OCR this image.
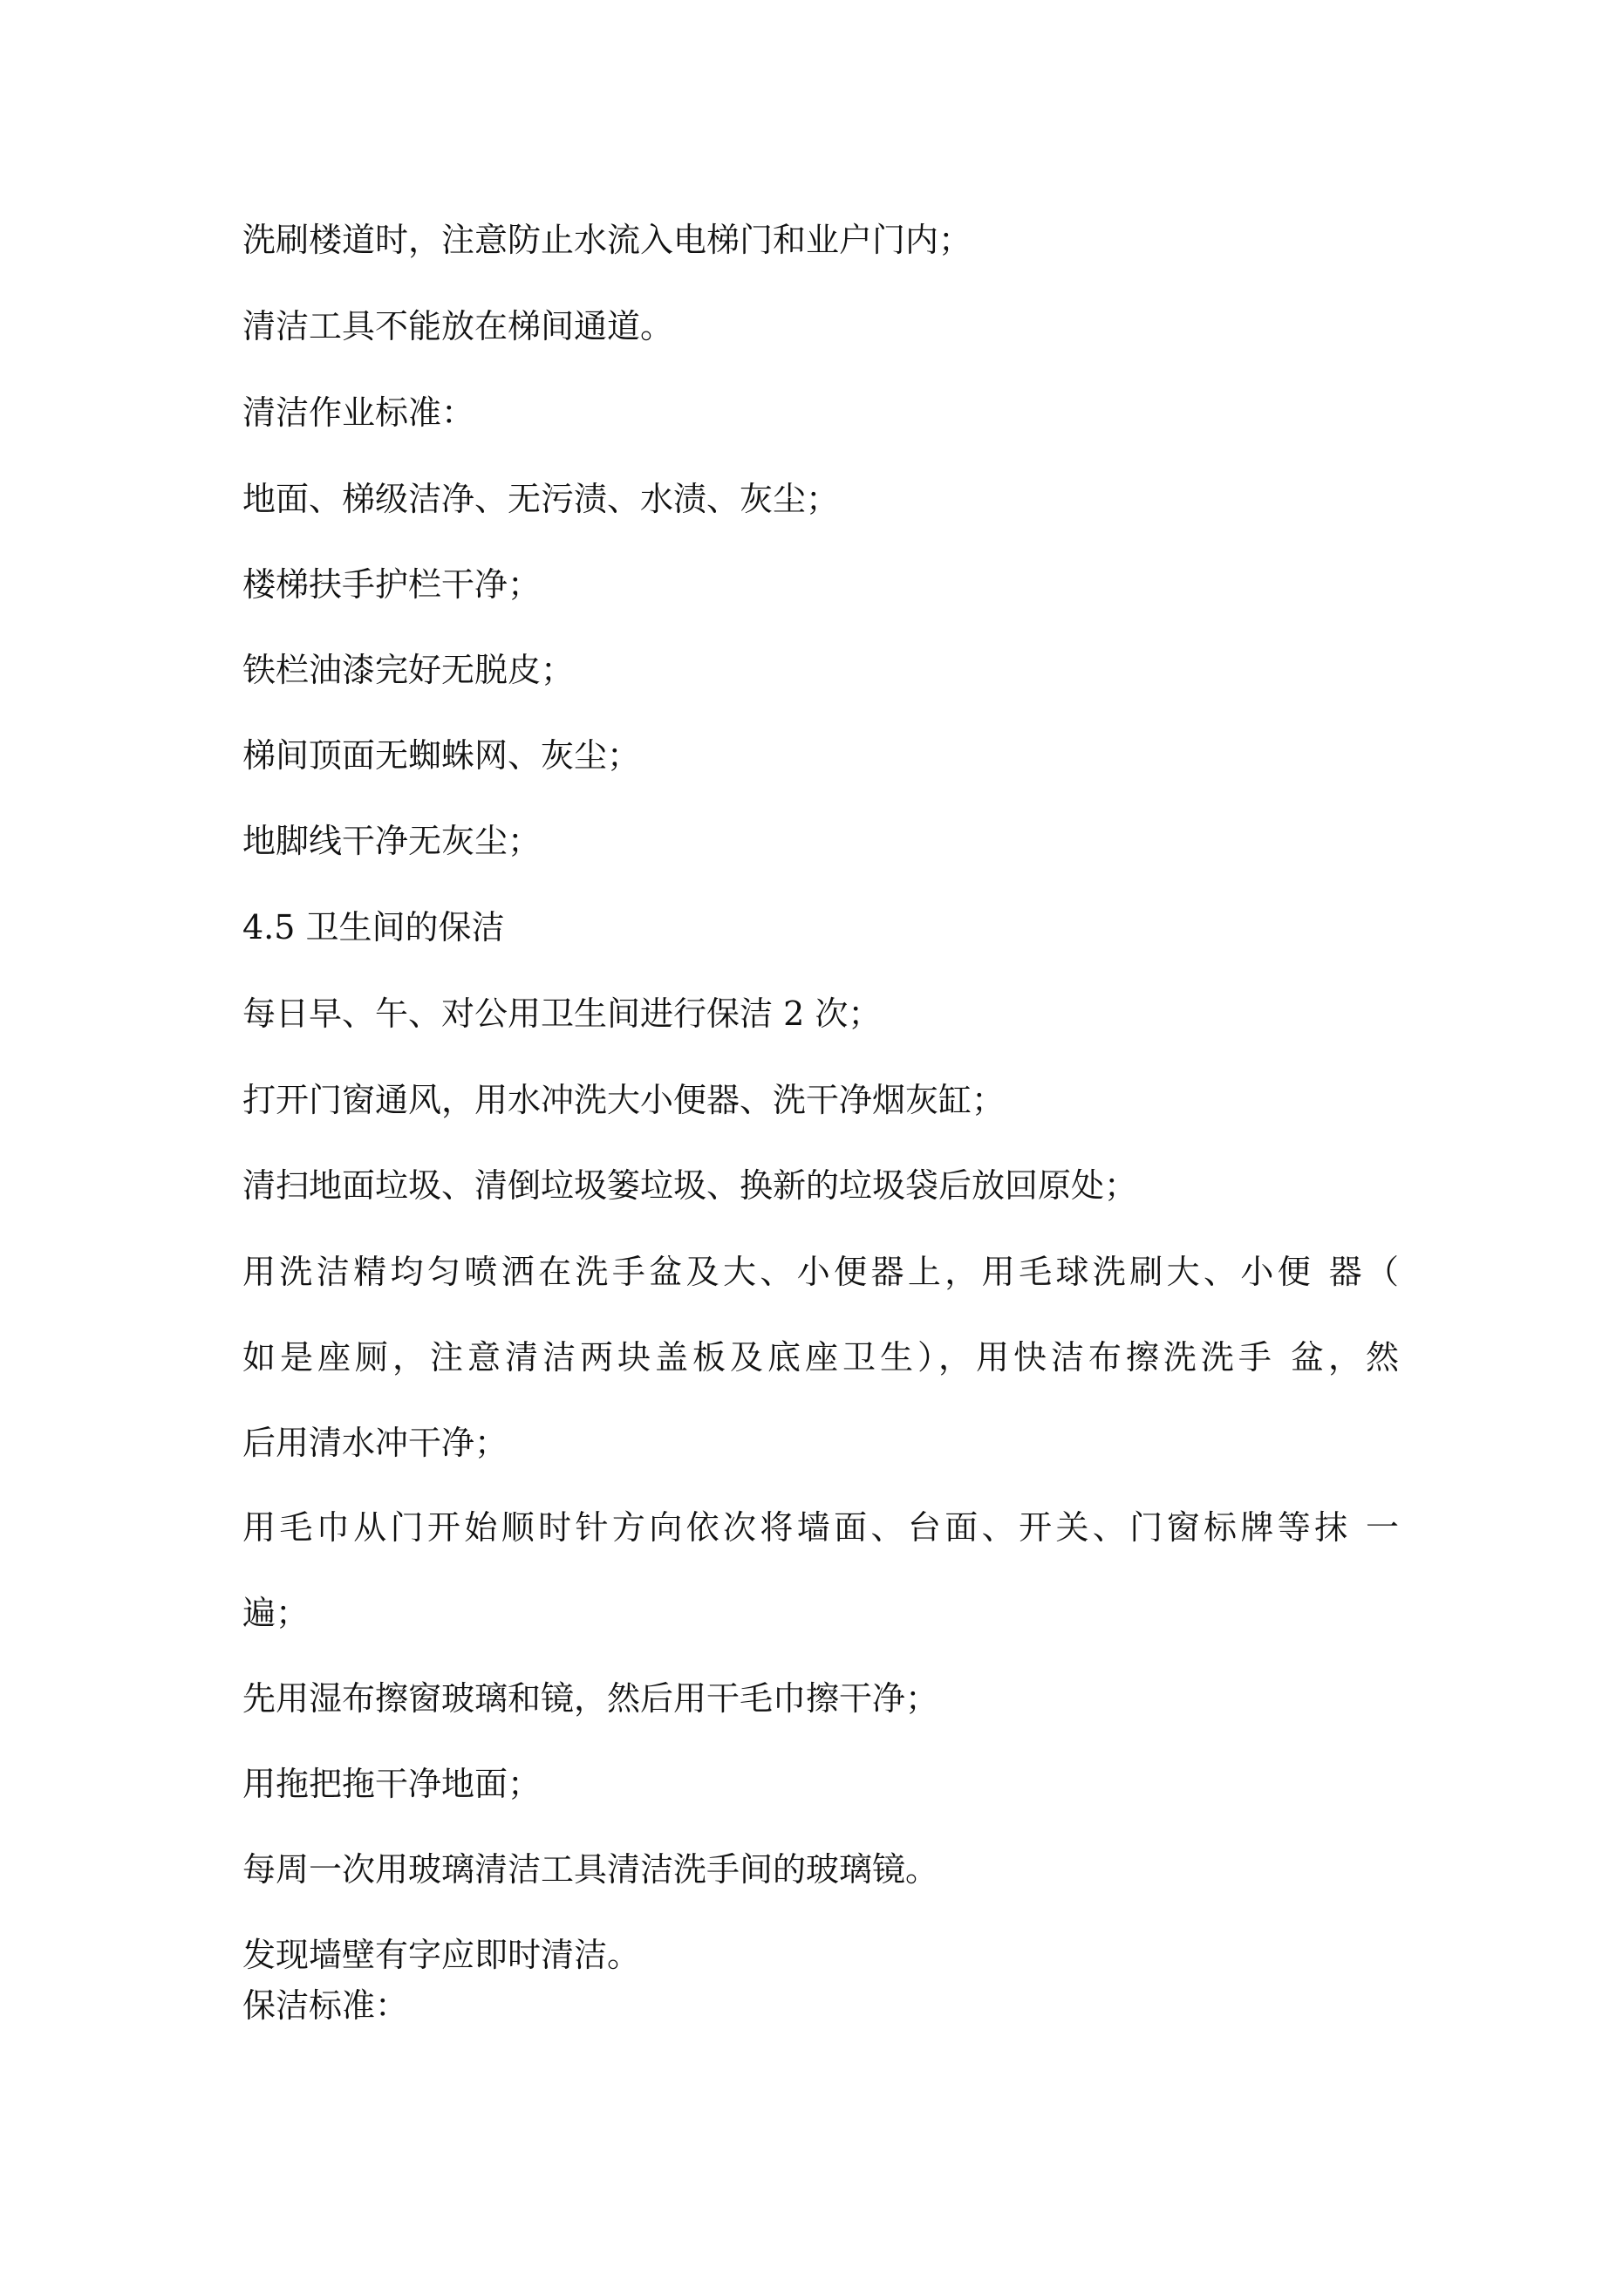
洗刷楼道时，注意防止水流入电梯门和业户门内；

清洁工具不能放在梯间通道。

清洁作业标准：

地面、梯级洁净、无污渍、水渍、灰尘；

楼梯扶手护栏干净；

铁栏油漆完好无脱皮；

梯间顶面无蜘蛛网、灰尘；

地脚线干净无灰尘；

4.5 卫生间的保洁

每日早、午、对公用卫生间进行保洁 2 次；

打开门窗通风，用水冲洗大小便器、洗干净烟灰缸；

清扫地面垃圾、清倒垃圾篓垃圾、换新的垃圾袋后放回原处；

用洗洁精均匀喷洒在洗手盆及大、小便器上，用毛球洗刷大、小便 器（

如是座厕，注意清洁两块盖板及底座卫生），用快洁布擦洗洗手 盆，然

后用清水冲干净；

用毛巾从门开始顺时针方向依次将墙面、台面、开关、门窗标牌等抹 一

遍；

先用湿布擦窗玻璃和镜，然后用干毛巾擦干净；

用拖把拖干净地面；

每周一次用玻璃清洁工具清洁洗手间的玻璃镜。

发现墙壁有字应即时清洁。

保洁标准：
